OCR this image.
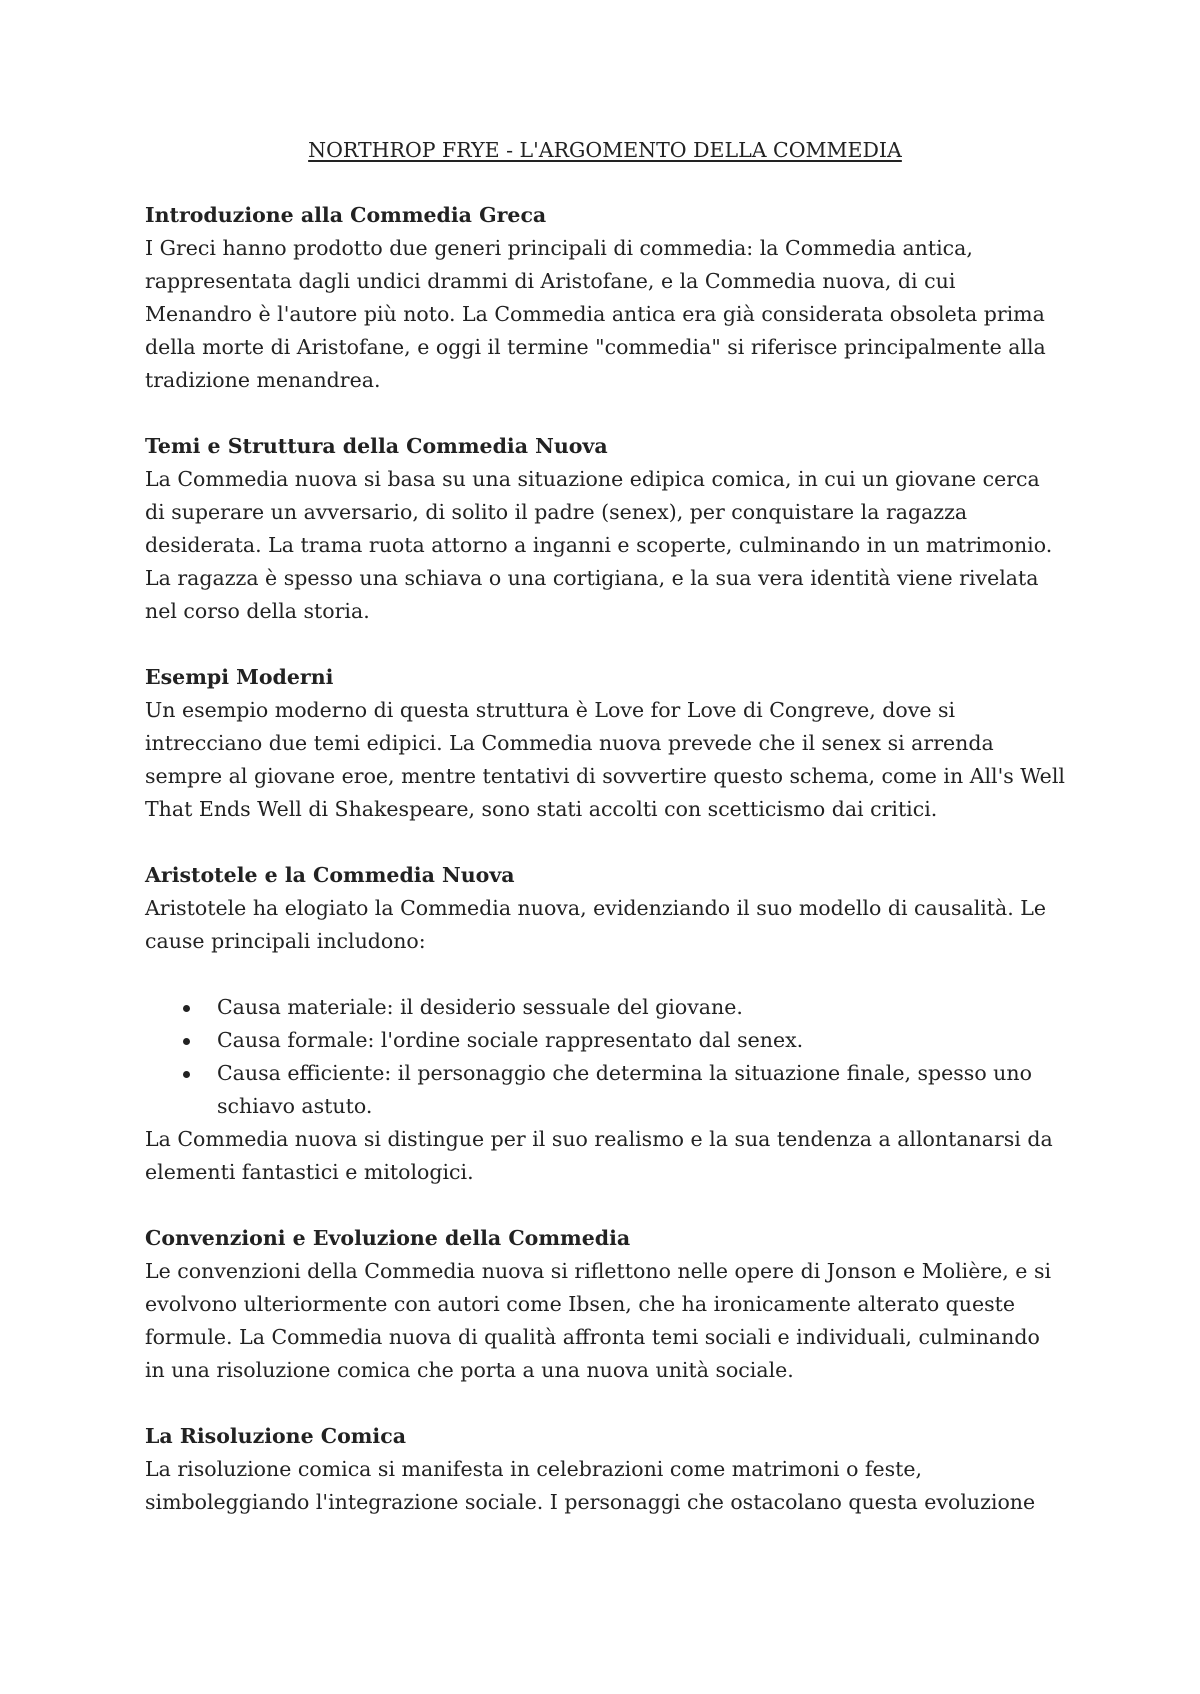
NORTHROP FRYE - L'ARGOMENTO DELLA COMMEDIA
Introduzione alla Commedia Greca

I Greci hanno prodotto due generi principali di commedia: la Commedia antica, rappresentata dagli undici drammi di Aristofane, e la Commedia nuova, di cui Menandro è l'autore più noto. La Commedia antica era già considerata obsoleta prima della morte di Aristofane, e oggi il termine "commedia" si riferisce principalmente alla tradizione menandrea.

Temi e Struttura della Commedia Nuova

La Commedia nuova si basa su una situazione edipica comica, in cui un giovane cerca di superare un avversario, di solito il padre (senex), per conquistare la ragazza desiderata. La trama ruota attorno a inganni e scoperte, culminando in un matrimonio. La ragazza è spesso una schiava o una cortigiana, e la sua vera identità viene rivelata nel corso della storia.

Esempi Moderni

Un esempio moderno di questa struttura è Love for Love di Congreve, dove si intrecciano due temi edipici. La Commedia nuova prevede che il senex si arrenda sempre al giovane eroe, mentre tentativi di sovvertire questo schema, come in All's Well That Ends Well di Shakespeare, sono stati accolti con scetticismo dai critici.

Aristotele e la Commedia Nuova

Aristotele ha elogiato la Commedia nuova, evidenziando il suo modello di causalità. Le cause principali includono:

Causa materiale: il desiderio sessuale del giovane.
Causa formale: l'ordine sociale rappresentato dal senex.
Causa efficiente: il personaggio che determina la situazione finale, spesso uno schiavo astuto.

La Commedia nuova si distingue per il suo realismo e la sua tendenza a allontanarsi da elementi fantastici e mitologici.

Convenzioni e Evoluzione della Commedia

Le convenzioni della Commedia nuova si riflettono nelle opere di Jonson e Molière, e si evolvono ulteriormente con autori come Ibsen, che ha ironicamente alterato queste formule. La Commedia nuova di qualità affronta temi sociali e individuali, culminando in una risoluzione comica che porta a una nuova unità sociale.

La Risoluzione Comica

La risoluzione comica si manifesta in celebrazioni come matrimoni o feste, simboleggiando l'integrazione sociale. I personaggi che ostacolano questa evoluzione
